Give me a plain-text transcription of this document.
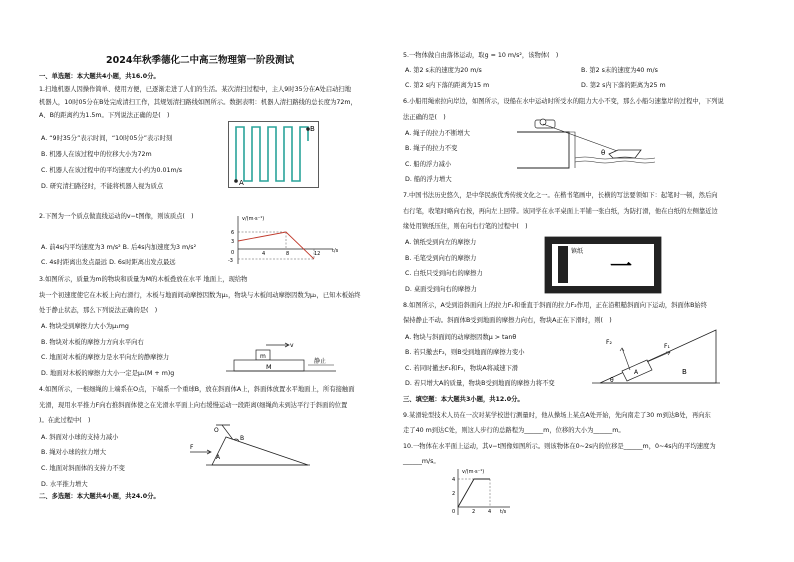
2024年秋季德化二中高三物理第一阶段测试
一、单选题：本大题共4小题，共16.0分。
1.扫地机器人因操作简单、使用方便，已逐渐走进了人们的生活。某次清扫过程中，主人9时35分在A处启动扫地
机器人，10时05分在B处完成清扫工作，其规划清扫路线如图所示。数据表明：机器人清扫路线的总长度为72m，
A、B的距离约为1.5m。下列说法正确的是(　)
A. “9时35分”表示时间，“10时05分”表示时刻
B. 机器人在该过程中的位移大小为72m
C. 机器人在该过程中的平均速度大小约为0.01m/s
D. 研究清扫路径时，不能将机器人视为质点	A
B
2.下图为一个质点做直线运动的v−t图像，则该质点(　)
A. 前4s内平均速度为3 m/s² B. 后4s内加速度为3 m/s²
C. 4s时距离出发点最远 D. 6s时距离出发点最远
v/(m·s⁻¹)
6
3
0
-3
4	8	12 t/s
3.如图所示，质量为m的物块和质量为M的木板叠放在水平 地面上，现给物
块一个初速度使它在木板上向右滑行，木板与地面间动摩擦因数为μ₁，物块与木板间动摩擦因数为μ₂，已知木板始终
处于静止状态，那么下列说法正确的是(　)
A. 物块受到摩擦力大小为μ₁mg
B. 物块对木板的摩擦力方向水平向右
C. 地面对木板的摩擦力是水平向左的静摩擦力
D. 地面对木板的摩擦力大小一定是μ₁(M + m)g
v
m
M
静止
4.如图所示，一根细绳的上端系在O点，下端系一个重球B，放在斜面体A上，斜面体放置水平地面上，所有接触面
光滑，现用水平推力F向右推斜面体使之在光滑水平面上向右缓慢运动一段距离(细绳尚未到达平行于斜面的位置
)。在此过程中(　)
A. 斜面对小球的支持力减小
B. 绳对小球的拉力增大
C. 地面对斜面体的支持力不变
D. 水平推力增大
O
B
F
A
二、多选题：本大题共4小题，共24.0分。
5.一物体做自由落体运动，取g = 10 m/s²，该物体(　)
A. 第2 s末的速度为20 m/s	B. 第2 s末的速度为40 m/s
C. 第2 s内下落的距离为15 m	D. 第2 s内下落的距离为25 m
6.小船用绳索拉向岸边，如图所示，设船在水中运动时所受水的阻力大小不变，那么小船匀速靠岸的过程中，下列说
法正确的是(　)
A. 绳子的拉力不断增大
B. 绳子的拉力不变
C. 船的浮力减小
D. 船的浮力增大
θ
7.中国书法历史悠久，是中华民族优秀传统文化之一。在楷书笔画中，长横的写法要领如下：起笔时一顿，然后向
右行笔，收笔时略向右按，再向左上回带。该同学在水平桌面上平铺一张白纸，为防打滑，他在白纸的左侧靠近边
缘处用镇纸压住，则在向右行笔的过程中(　)
A. 镇纸受到向左的摩擦力
B. 毛笔受到向右的摩擦力
C. 白纸只受到向右的摩擦力
D. 桌面受到向右的摩擦力
镇纸
一
8.如图所示，A受到沿斜面向上的拉力F₁和垂直于斜面的拉力F₂作用，正在沿粗糙斜面向下运动，斜面体B始终
保持静止不动。斜面体B受到地面的摩擦力向右，物块A正在下滑时，则(　)
A. 物块与斜面间的动摩擦因数μ > tanθ
B. 若只撤去F₂，则B受到地面的摩擦力变小
C. 若同时撤去F₁和F₂，物块A将减速下滑
D. 若只增大A的质量，物块B受到地面的摩擦力将不变
A
F₁
F₂
B
θ
三、填空题：本大题共3小题，共12.0分。
9.某滑轮型技术人员在一次对某学校进行测量时，他从操场上某点A处开始，先向南走了30 m到达B处，再向东
走了40 m到达C处，则这人步行的总路程为______m，位移的大小为______m。
10.一物体在水平面上运动，其v−t图像如图所示。则该物体在0~2s内的位移是______m，0~4s内的平均速度为
______m/s。
v/(m·s⁻¹)
4
2
0	2	4 t/s
